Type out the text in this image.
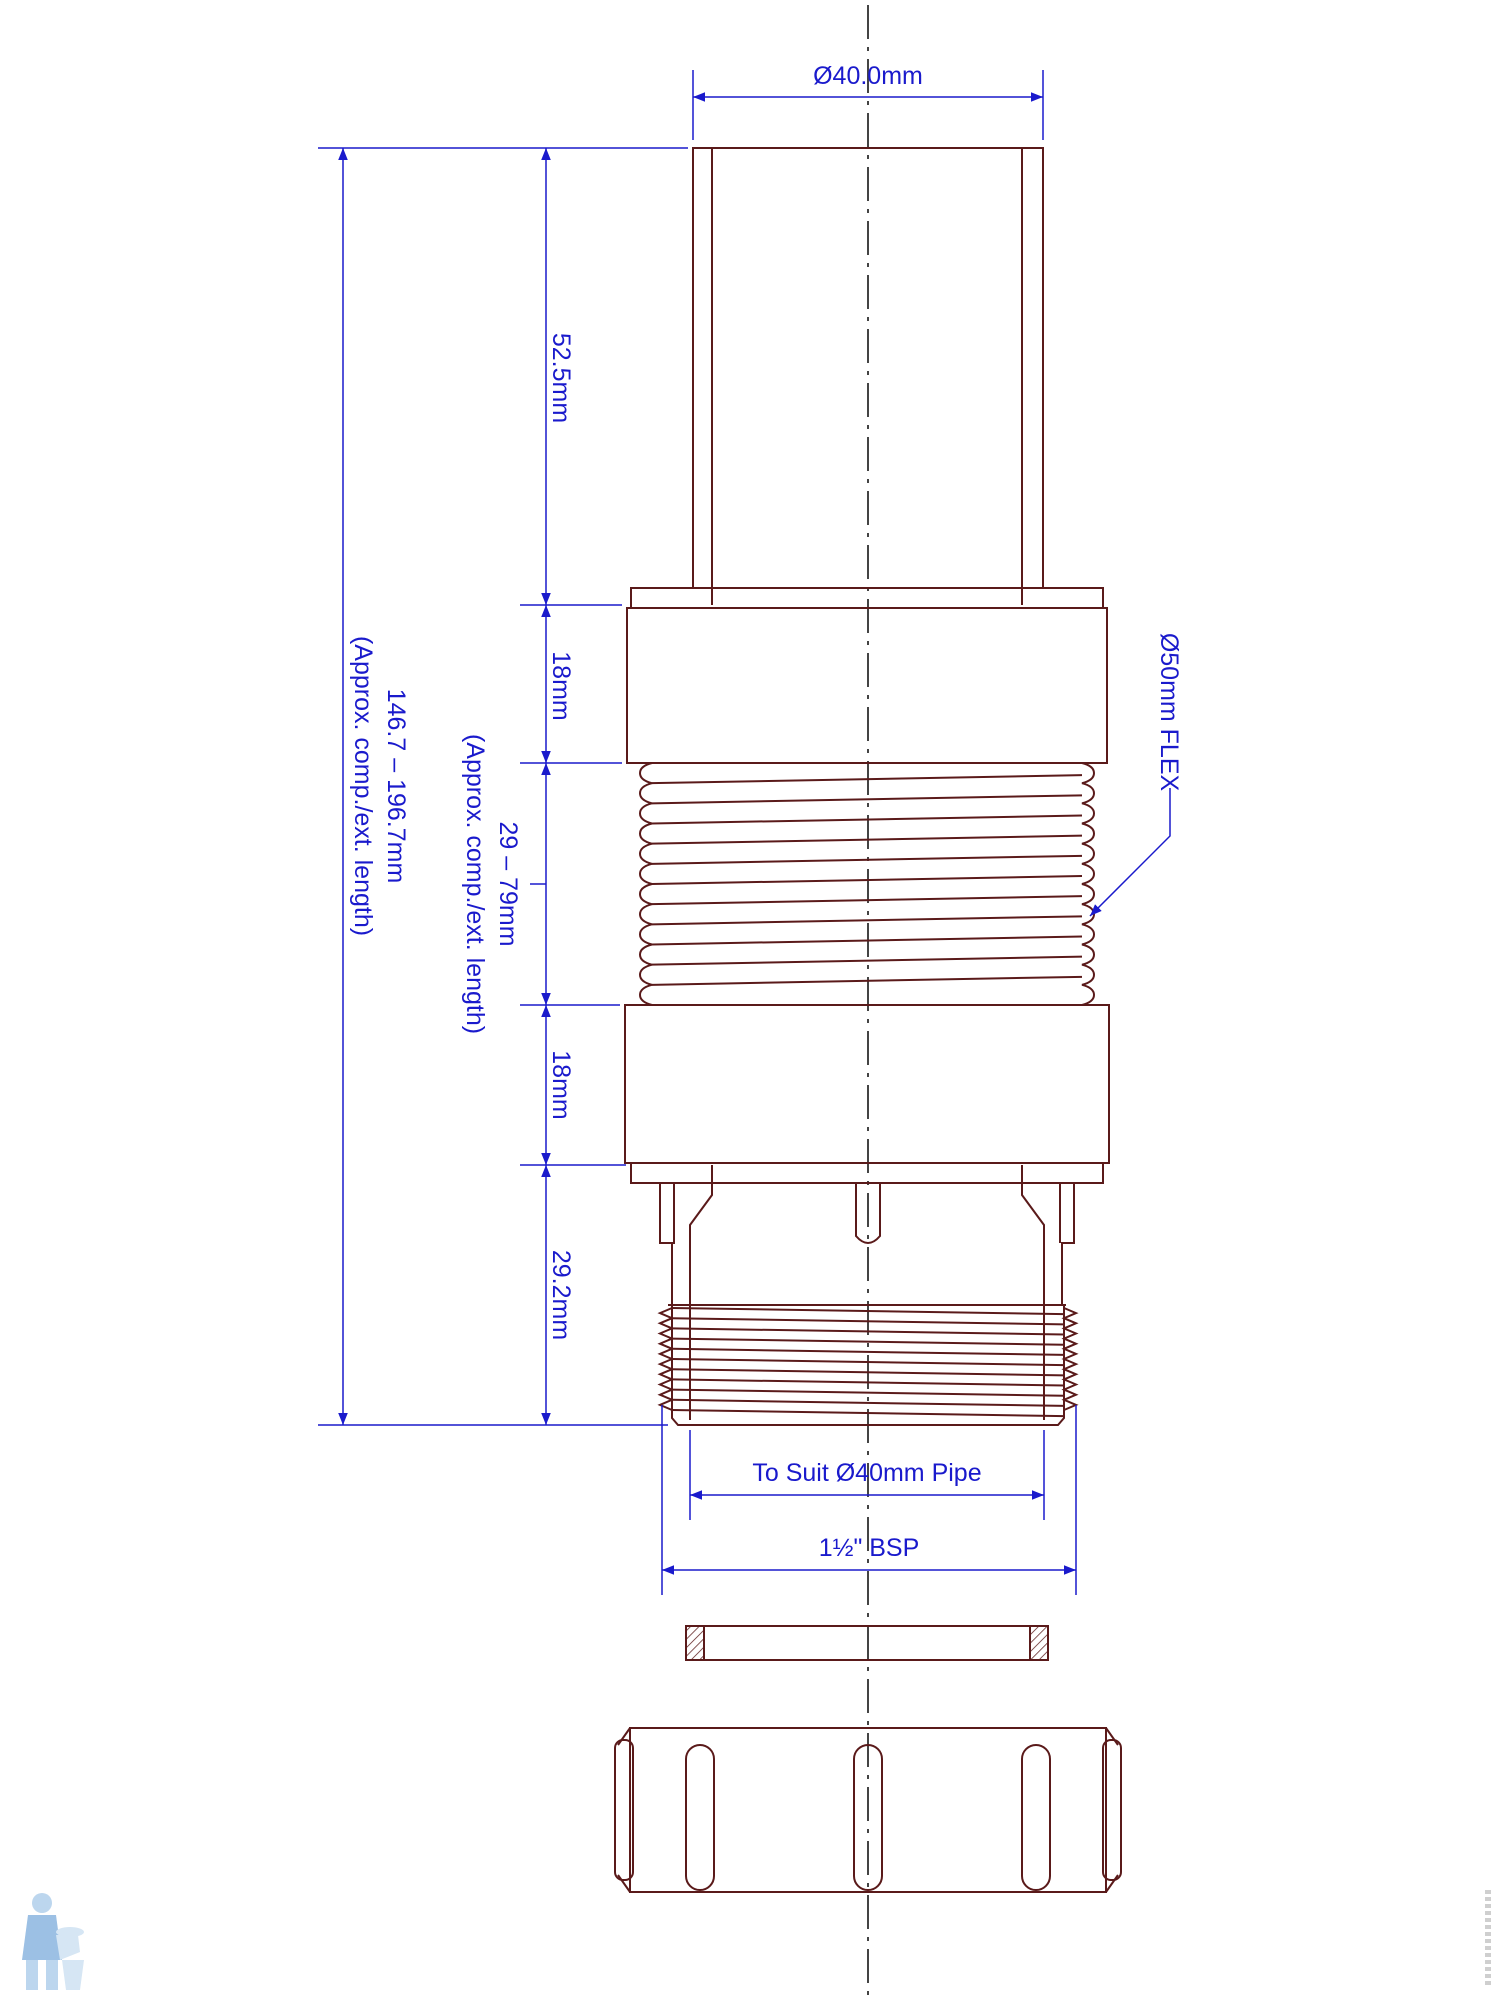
Ø40.0mm
52.5mm
18mm
29 – 79mm
(Approx. comp./ext. length)
18mm
29.2mm
146.7 – 196.7mm
(Approx. comp./ext. length)	Ø50mm FLEX
To Suit Ø40mm Pipe
1½" BSP
